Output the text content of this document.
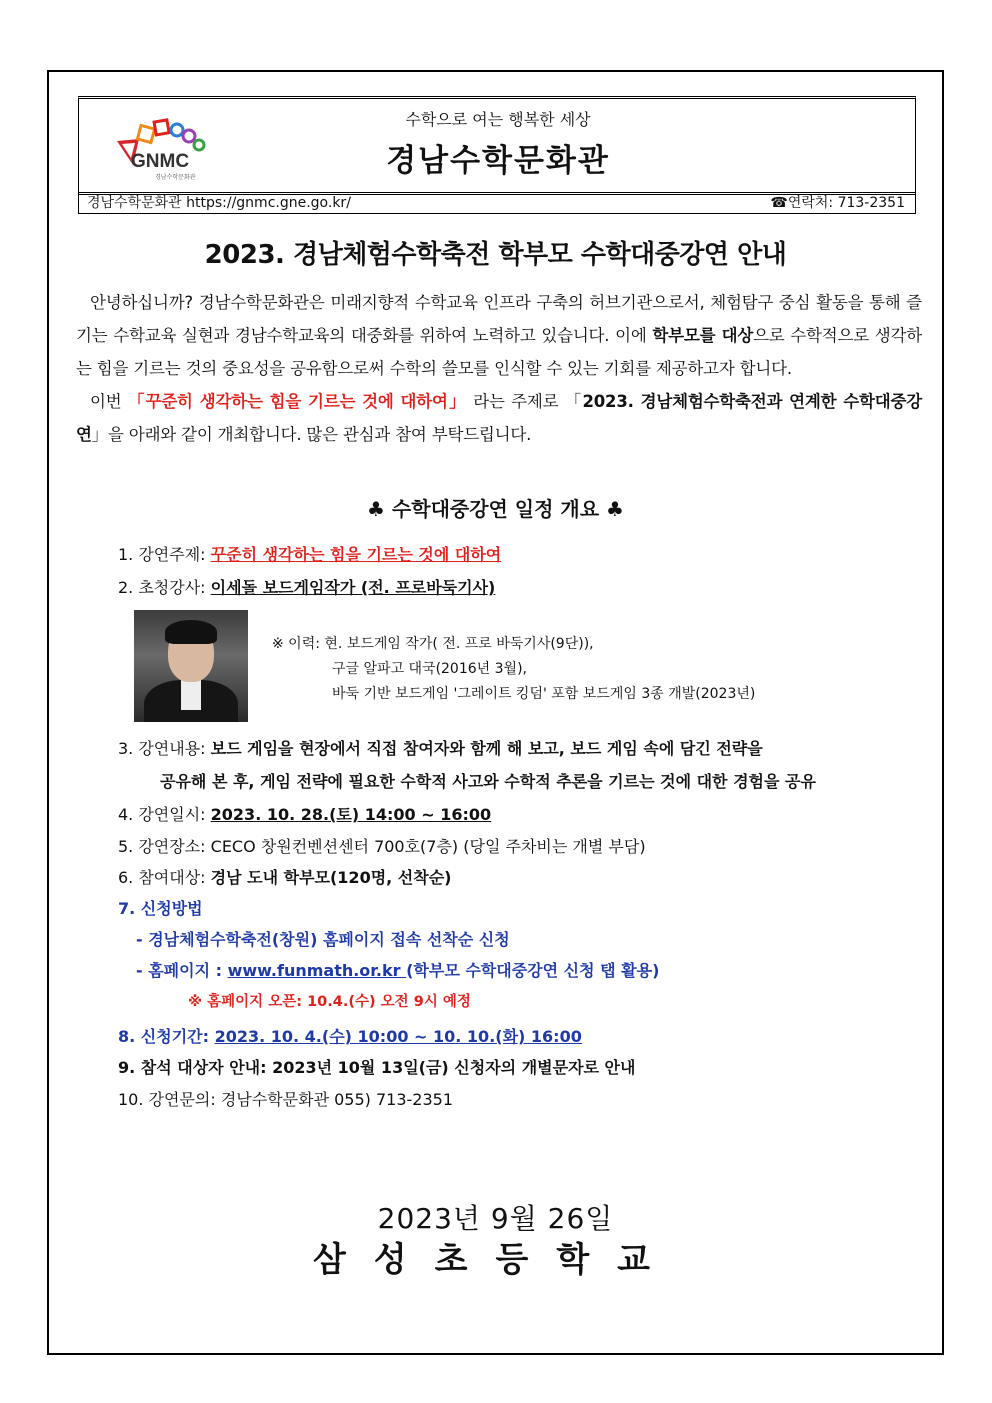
GNMC
경남수학문화관
수학으로 여는 행복한 세상
경남수학문화관
경남수학문화관 https://gnmc.gne.go.kr/	☎연락처: 713-2351
2023. 경남체험수학축전 학부모 수학대중강연 안내

안녕하십니까? 경남수학문화관은 미래지향적 수학교육 인프라 구축의 허브기관으로서, 체험탐구 중심 활동을 통해 즐기는 수학교육 실현과 경남수학교육의 대중화를 위하여 노력하고 있습니다. 이에 학부모를 대상으로 수학적으로 생각하는 힘을 기르는 것의 중요성을 공유함으로써 수학의 쓸모를 인식할 수 있는 기회를 제공하고자 합니다.

이번 「꾸준히 생각하는 힘을 기르는 것에 대하여」 라는 주제로 「2023. 경남체험수학축전과 연계한 수학대중강연」을 아래와 같이 개최합니다. 많은 관심과 참여 부탁드립니다.

♣ 수학대중강연 일정 개요 ♣
1. 강연주제: 꾸준히 생각하는 힘을 기르는 것에 대하여
2. 초청강사: 이세돌 보드게임작가 (전. 프로바둑기사)
※ 이력: 현. 보드게임 작가( 전. 프로 바둑기사(9단)),
구글 알파고 대국(2016년 3월),
바둑 기반 보드게임 '그레이트 킹덤' 포함 보드게임 3종 개발(2023년)
3. 강연내용: 보드 게임을 현장에서 직접 참여자와 함께 해 보고, 보드 게임 속에 담긴 전략을
공유해 본 후, 게임 전략에 필요한 수학적 사고와 수학적 추론을 기르는 것에 대한 경험을 공유
4. 강연일시: 2023. 10. 28.(토) 14:00 ~ 16:00
5. 강연장소: CECO 창원컨벤션센터 700호(7층) (당일 주차비는 개별 부담)
6. 참여대상: 경남 도내 학부모(120명, 선착순)
7. 신청방법
- 경남체험수학축전(창원) 홈페이지 접속 선착순 신청
- 홈페이지 : www.funmath.or.kr (학부모 수학대중강연 신청 탭 활용)
※ 홈페이지 오픈: 10.4.(수) 오전 9시 예정
8. 신청기간: 2023. 10. 4.(수) 10:00 ~ 10. 10.(화) 16:00
9. 참석 대상자 안내: 2023년 10월 13일(금) 신청자의 개별문자로 안내
10. 강연문의: 경남수학문화관 055) 713-2351
2023년 9월 26일
삼성초등학교
